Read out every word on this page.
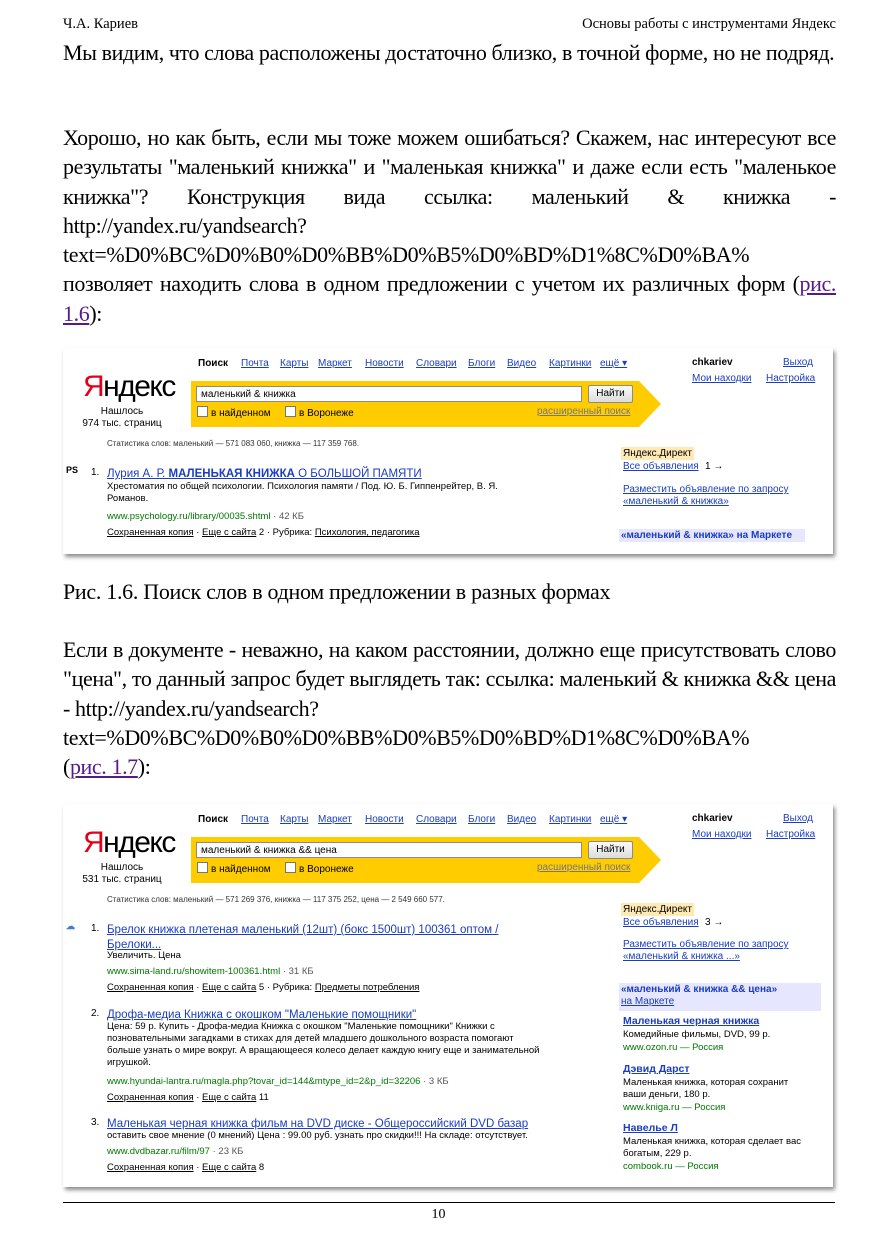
Ч.А. Кариев	Основы работы с инструментами Яндекс

Мы видим, что слова расположены достаточно близко, в точной форме, но не подряд.

Хорошо, но как быть, если мы тоже можем ошибаться? Скажем, нас интересуют все результаты "маленький книжка" и "маленькая книжка" и даже если есть "маленькое книжка"? Конструкция вида ссылка: маленький & книжка - http://yandex.ru/yandsearch?
text=%D0%BC%D0%B0%D0%BB%D0%B5%D0%BD%D1%8C%D0%BA%
позволяет находить слова в одном предложении с учетом их различных форм (рис. 1.6):

Поиск Почта Карты Маркет Новости Словари Блоги Видео Картинки ещё ▾	chkariev	Выход
Мои находки Настройка
Яндекс
Нашлось
974 тыс. страниц
маленький & книжка	Найти
в найденном	в Воронеже	расширенный поиск
Статистика слов: маленький — 571 083 060, книжка — 117 359 768.
PS 1. Лурия А. Р. МАЛЕНЬКАЯ КНИЖКА О БОЛЬШОЙ ПАМЯТИ
Хрестоматия по общей психологии. Психология памяти / Под. Ю. Б. Гиппенрейтер, В. Я. Романов.
www.psychology.ru/library/00035.shtml · 42 КБ
Сохраненная копия · Еще с сайта 2 · Рубрика: Психология, педагогика
Яндекс.Директ
Все объявления 1 →
Разместить объявление по запросу
«маленький & книжка»
«маленький & книжка» на Маркете
Рис. 1.6. Поиск слов в одном предложении в разных формах

Если в документе - неважно, на каком расстоянии, должно еще присутствовать слово "цена", то данный запрос будет выглядеть так: ссылка: маленький & книжка && цена - http://yandex.ru/yandsearch?
text=%D0%BC%D0%B0%D0%BB%D0%B5%D0%BD%D1%8C%D0%BA%
(рис. 1.7):

Поиск Почта Карты Маркет Новости Словари Блоги Видео Картинки ещё ▾	chkariev	Выход
Мои находки Настройка
Яндекс
Нашлось
531 тыс. страниц
маленький & книжка && цена	Найти
в найденном	в Воронеже	расширенный поиск
Статистика слов: маленький — 571 269 376, книжка — 117 375 252, цена — 2 549 660 577.
☁	1. Брелок книжка плетеная маленький (12шт) (бокс 1500шт) 100361 оптом /
Брелоки...
Увеличить. Цена
www.sima-land.ru/showitem-100361.html · 31 КБ
Сохраненная копия · Еще с сайта 5 · Рубрика: Предметы потребления
2. Дрофа-медиа Книжка с окошком "Маленькие помощники"
Цена: 59 р. Купить - Дрофа-медиа Книжка с окошком "Маленькие помощники" Книжки с позновательными загадками в стихах для детей младшего дошкольного возраста помогают больше узнать о мире вокруг. А вращающееся колесо делает каждую книгу еще и занимательной игрушкой.
www.hyundai-lantra.ru/magla.php?tovar_id=144&mtype_id=2&p_id=32206 · 3 КБ
Сохраненная копия · Еще с сайта 11
3. Маленькая черная книжка фильм на DVD диске - Общероссийский DVD базар
оставить свое мнение (0 мнений) Цена : 99.00 руб. узнать про скидки!!! На складе: отсутствует.
www.dvdbazar.ru/film/97 · 23 КБ
Сохраненная копия · Еще с сайта 8
Яндекс.Директ
Все объявления 3 →
Разместить объявление по запросу
«маленький & книжка ...»
«маленький & книжка && цена»
на Маркете
Маленькая черная книжка
Комедийные фильмы, DVD, 99 р.
www.ozon.ru — Россия
Дэвид Дарст
Маленькая книжка, которая сохранит ваши деньги, 180 р.
www.kniga.ru — Россия
Навелье Л
Маленькая книжка, которая сделает вас богатым, 229 р.
combook.ru — Россия
10
